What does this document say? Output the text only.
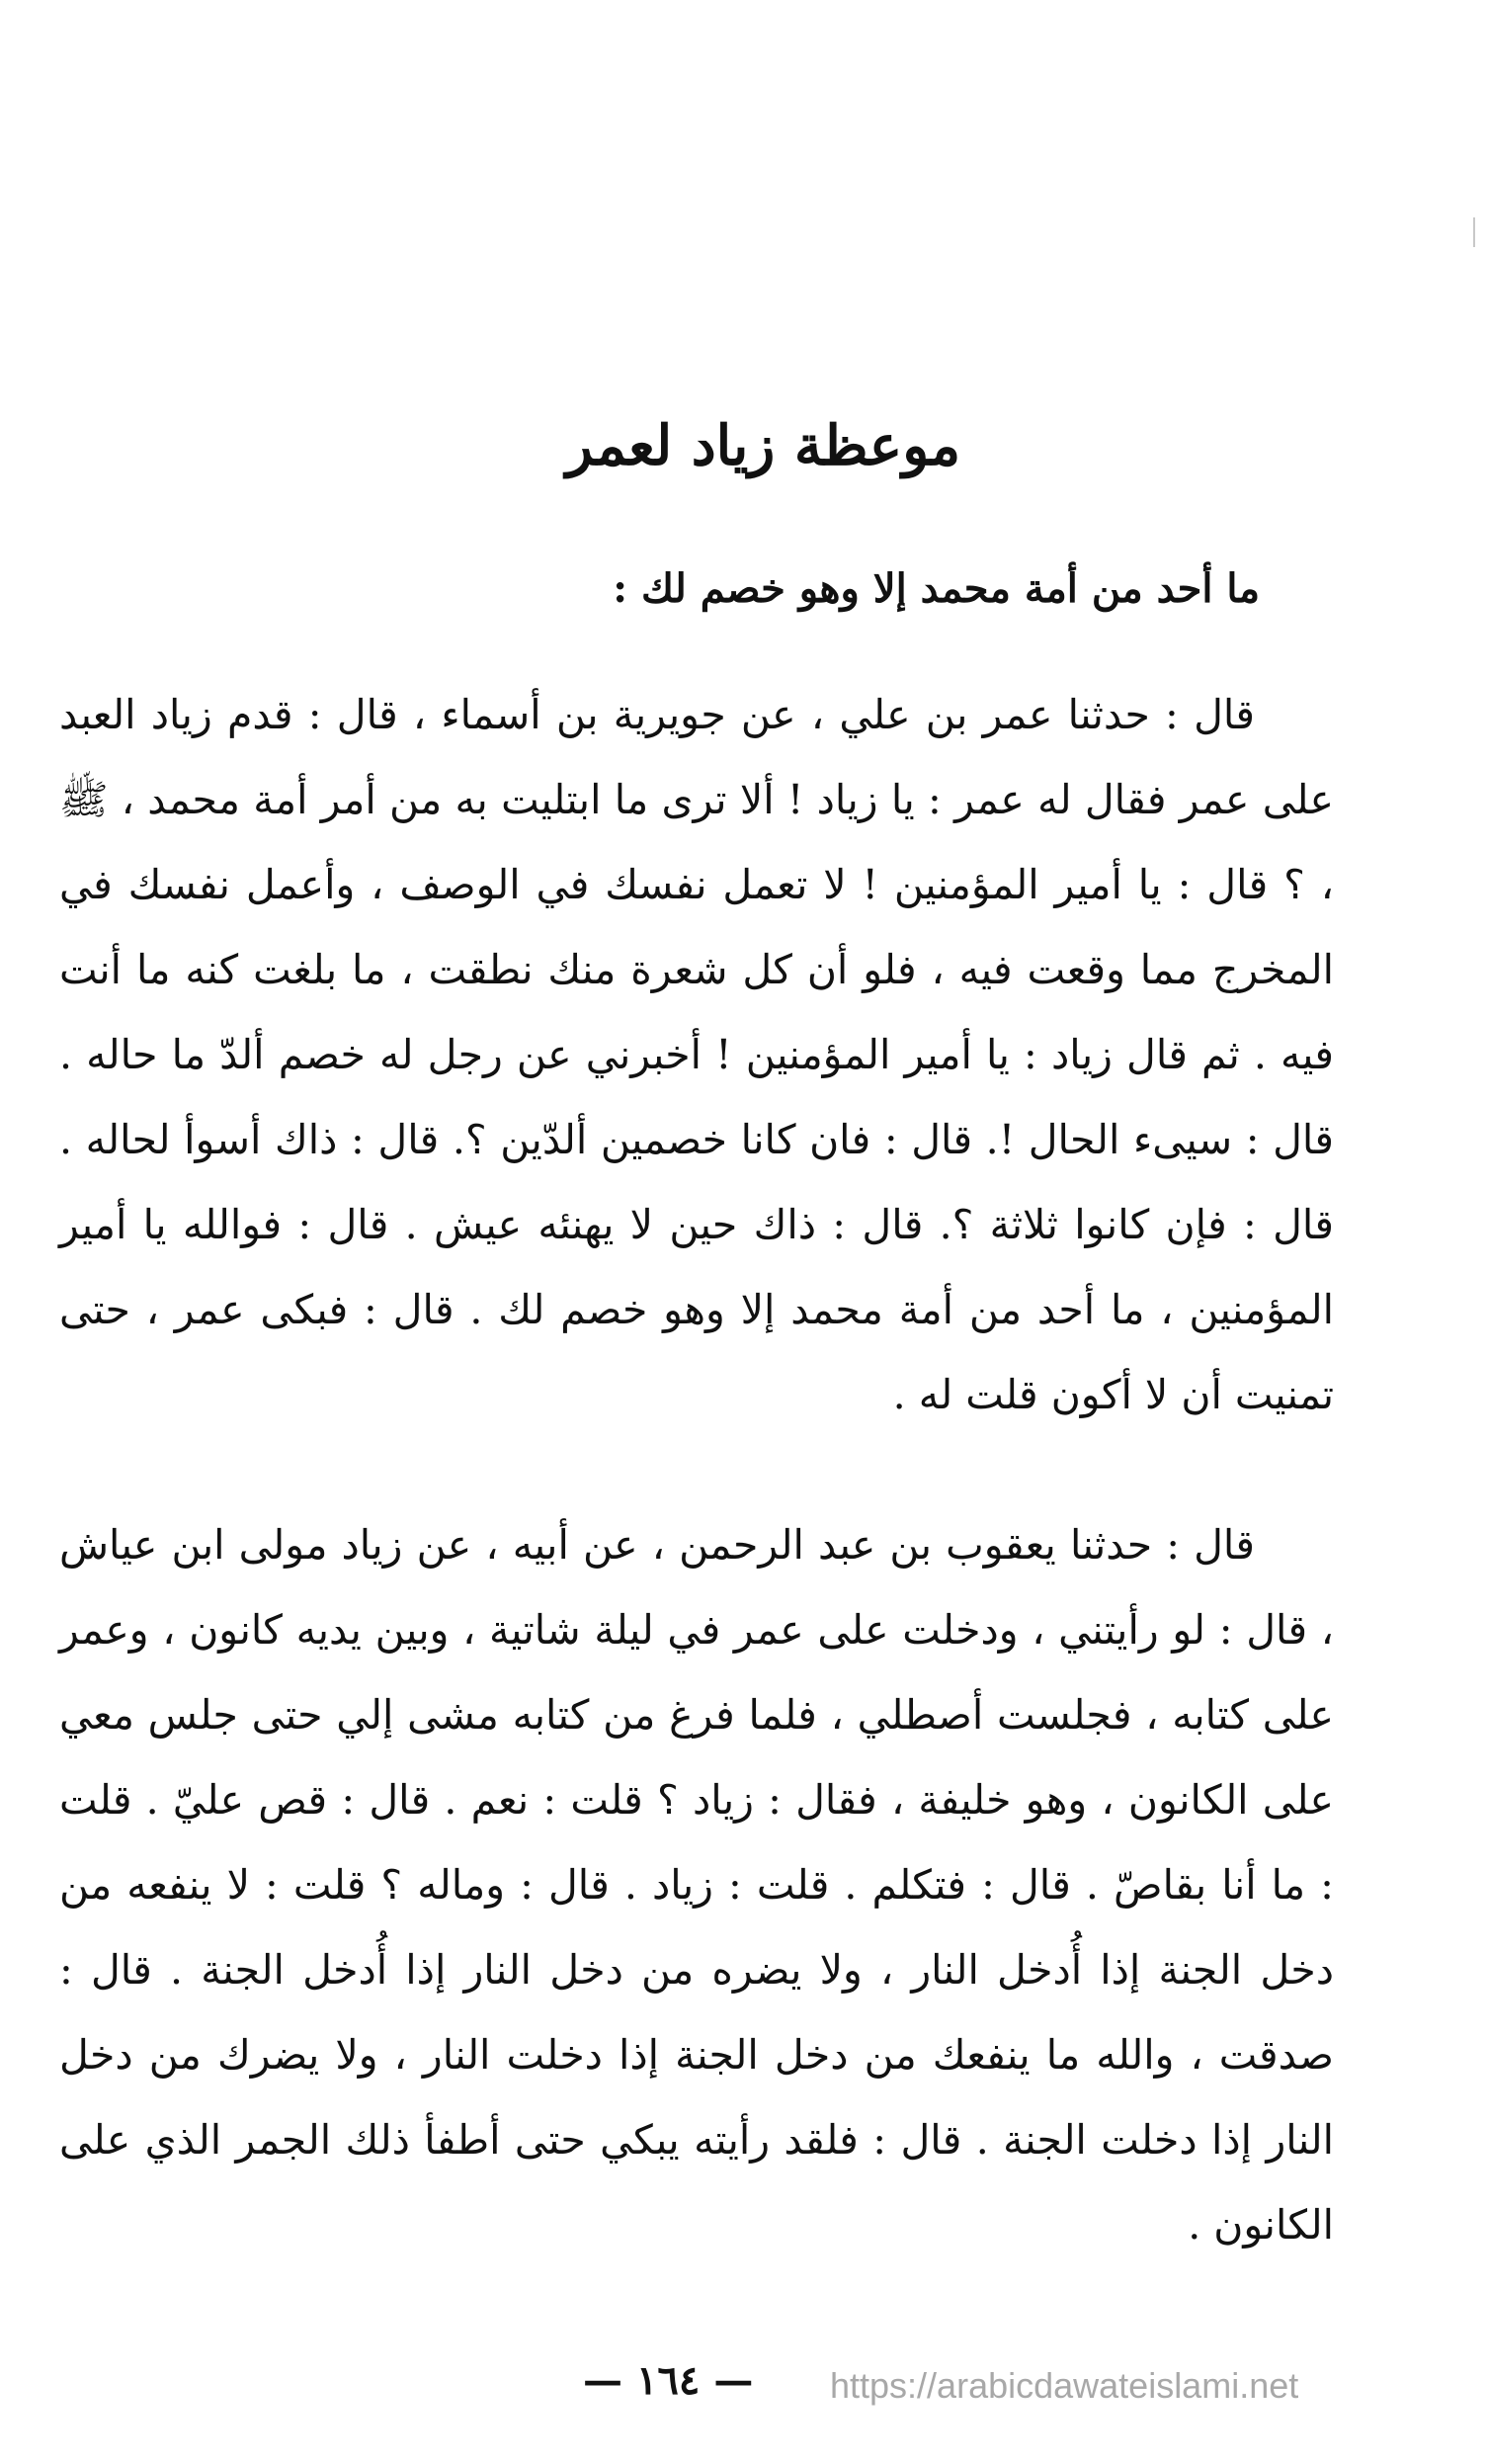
موعظة زياد لعمر
ما أحد من أمة محمد إلا وهو خصم لك :

قال : حدثنا عمر بن علي ، عن جويرية بن أسماء ، قال : قدم زياد العبد على عمر فقال له عمر : يا زياد ! ألا ترى ما ابتليت به من أمر أمة محمد ، ﷺ ، ؟ قال : يا أمير المؤمنين ! لا تعمل نفسك في الوصف ، وأعمل نفسك في المخرج مما وقعت فيه ، فلو أن كل شعرة منك نطقت ، ما بلغت كنه ما أنت فيه . ثم قال زياد : يا أمير المؤمنين ! أخبرني عن رجل له خصم ألدّ ما حاله . قال : سيىء الحال !. قال : فان كانا خصمين ألدّين ؟. قال : ذاك أسوأ لحاله . قال : فإن كانوا ثلاثة ؟. قال : ذاك حين لا يهنئه عيش . قال : فوالله يا أمير المؤمنين ، ما أحد من أمة محمد إلا وهو خصم لك . قال : فبكى عمر ، حتى تمنيت أن لا أكون قلت له .

قال : حدثنا يعقوب بن عبد الرحمن ، عن أبيه ، عن زياد مولى ابن عياش ، قال : لو رأيتني ، ودخلت على عمر في ليلة شاتية ، وبين يديه كانون ، وعمر على كتابه ، فجلست أصطلي ، فلما فرغ من كتابه مشى إلي حتى جلس معي على الكانون ، وهو خليفة ، فقال : زياد ؟ قلت : نعم . قال : قص عليّ . قلت : ما أنا بقاصّ . قال : فتكلم . قلت : زياد . قال : وماله ؟ قلت : لا ينفعه من دخل الجنة إذا أُدخل النار ، ولا يضره من دخل النار إذا أُدخل الجنة . قال : صدقت ، والله ما ينفعك من دخل الجنة إذا دخلت النار ، ولا يضرك من دخل النار إذا دخلت الجنة . قال : فلقد رأيته يبكي حتى أطفأ ذلك الجمر الذي على الكانون .

— ١٦٤ — https://arabicdawateislami.net
